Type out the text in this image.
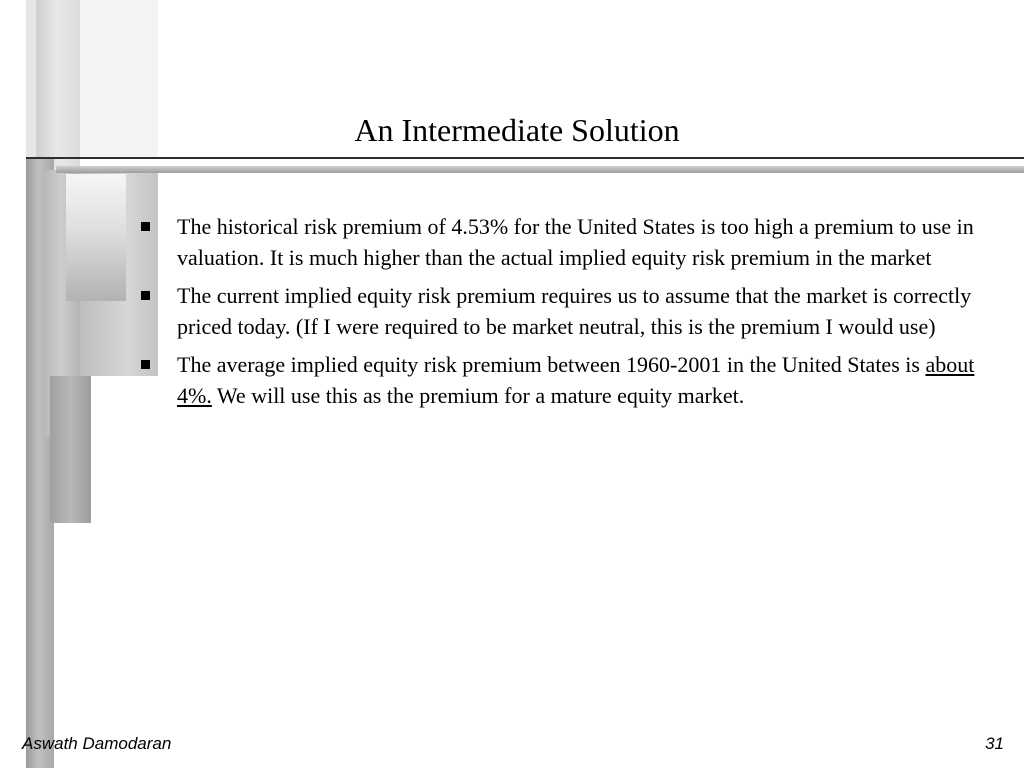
An Intermediate Solution
The historical risk premium of 4.53% for the United States is too high a premium to use in valuation. It is much higher than the actual implied equity risk premium in the market
The current implied equity risk premium requires us to assume that the market is correctly priced today. (If I were required to be market neutral, this is the premium I would use)
The average implied equity risk premium between 1960-2001 in the United States is about 4%. We will use this as the premium for a mature equity market.
Aswath Damodaran	31
